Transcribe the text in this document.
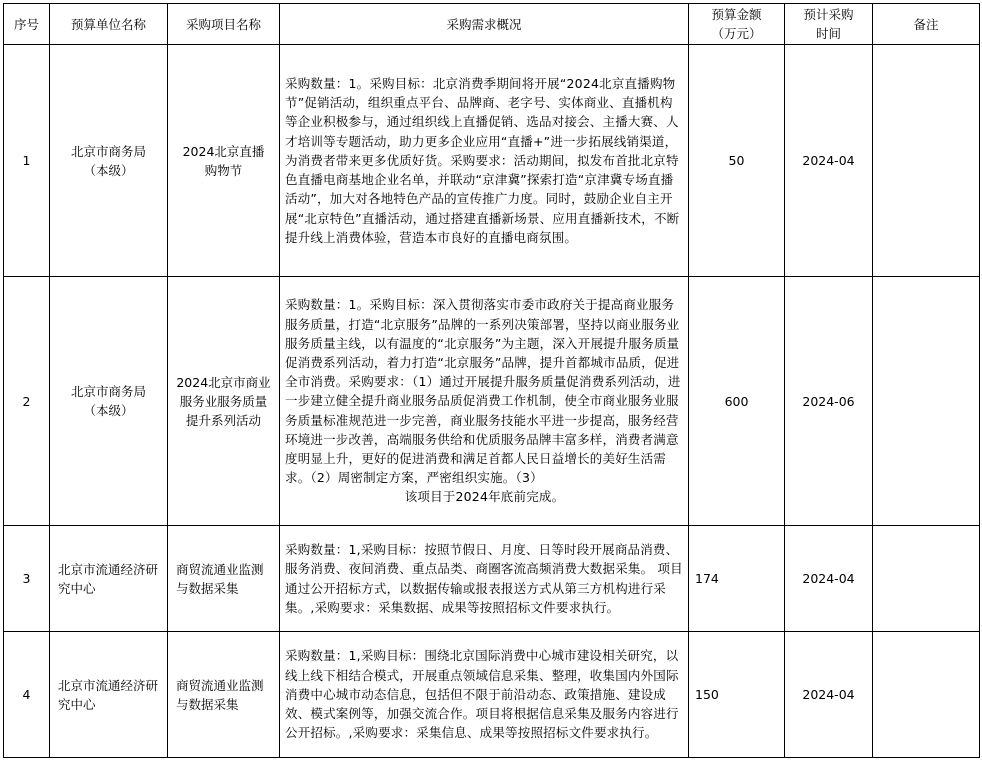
序号	预算单位名称	采购项目名称	采购需求概况	预算金额（万元）	预计采购时间	备注
1	北京市商务局（本级）	2024北京直播购物节	采购数量：1。采购目标：北京消费季期间将开展“2024北京直播购物节”促销活动，组织重点平台、品牌商、老字号、实体商业、直播机构等企业积极参与，通过组织线上直播促销、选品对接会、主播大赛、人才培训等专题活动，助力更多企业应用“直播+”进一步拓展线销渠道，为消费者带来更多优质好货。采购要求：活动期间，拟发布首批北京特色直播电商基地企业名单，并联动“京津冀”探索打造“京津冀专场直播活动”，加大对各地特色产品的宣传推广力度。同时，鼓励企业自主开展“北京特色”直播活动，通过搭建直播新场景、应用直播新技术，不断提升线上消费体验，营造本市良好的直播电商氛围。	50	2024-04	
2	北京市商务局（本级）	2024北京市商业服务业服务质量提升系列活动	采购数量：1。采购目标：深入贯彻落实市委市政府关于提高商业服务服务质量，打造“北京服务”品牌的一系列决策部署，坚持以商业服务业服务质量主线，以有温度的“北京服务”为主题，深入开展提升服务质量促消费系列活动，着力打造“北京服务”品牌，提升首都城市品质，促进全市消费。采购要求：（1）通过开展提升服务质量促消费系列活动，进一步建立健全提升商业服务品质促消费工作机制，使全市商业服务业服务质量标准规范进一步完善，商业服务技能水平进一步提高，服务经营环境进一步改善，高端服务供给和优质服务品牌丰富多样，消费者满意度明显上升，更好的促进消费和满足首都人民日益增长的美好生活需求。（2）周密制定方案，严密组织实施。（3）
该项目于2024年底前完成。	600	2024-06	
3	北京市流通经济研究中心	商贸流通业监测与数据采集	采购数量：1,采购目标：按照节假日、月度、日等时段开展商品消费、服务消费、夜间消费、重点品类、商圈客流高频消费大数据采集。 项目通过公开招标方式，以数据传输或报表报送方式从第三方机构进行采集。,采购要求：采集数据、成果等按照招标文件要求执行。	174	2024-04	
4	北京市流通经济研究中心	商贸流通业监测与数据采集	采购数量：1,采购目标：围绕北京国际消费中心城市建设相关研究，以线上线下相结合模式，开展重点领域信息采集、整理，收集国内外国际消费中心城市动态信息，包括但不限于前沿动态、政策措施、建设成效、模式案例等，加强交流合作。项目将根据信息采集及服务内容进行公开招标。,采购要求：采集信息、成果等按照招标文件要求执行。	150	2024-04	
